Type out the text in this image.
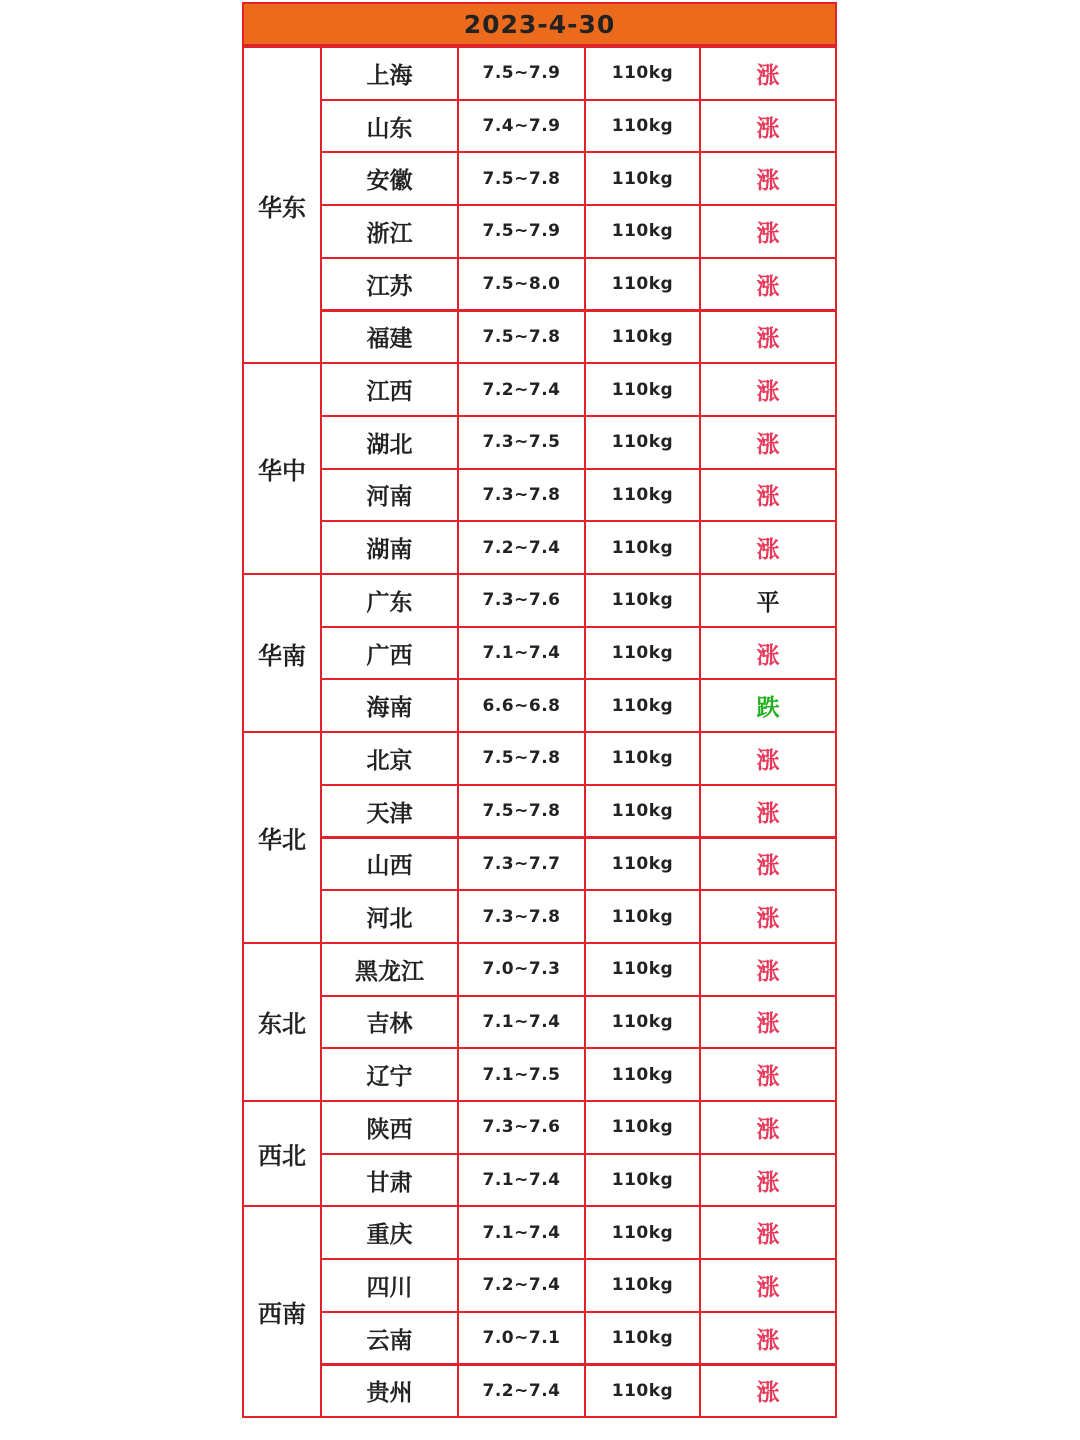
2023-4-30
华东
上海	7.5~7.9	110kg	涨
山东	7.4~7.9	110kg	涨
安徽	7.5~7.8	110kg	涨
浙江	7.5~7.9	110kg	涨
江苏	7.5~8.0	110kg	涨
福建	7.5~7.8	110kg	涨
华中
江西	7.2~7.4	110kg	涨
湖北	7.3~7.5	110kg	涨
河南	7.3~7.8	110kg	涨
湖南	7.2~7.4	110kg	涨
华南
广东	7.3~7.6	110kg	平
广西	7.1~7.4	110kg	涨
海南	6.6~6.8	110kg	跌
华北
北京	7.5~7.8	110kg	涨
天津	7.5~7.8	110kg	涨
山西	7.3~7.7	110kg	涨
河北	7.3~7.8	110kg	涨
东北
黑龙江	7.0~7.3	110kg	涨
吉林	7.1~7.4	110kg	涨
辽宁	7.1~7.5	110kg	涨
西北
陕西	7.3~7.6	110kg	涨
甘肃	7.1~7.4	110kg	涨
西南
重庆	7.1~7.4	110kg	涨
四川	7.2~7.4	110kg	涨
云南	7.0~7.1	110kg	涨
贵州	7.2~7.4	110kg	涨
